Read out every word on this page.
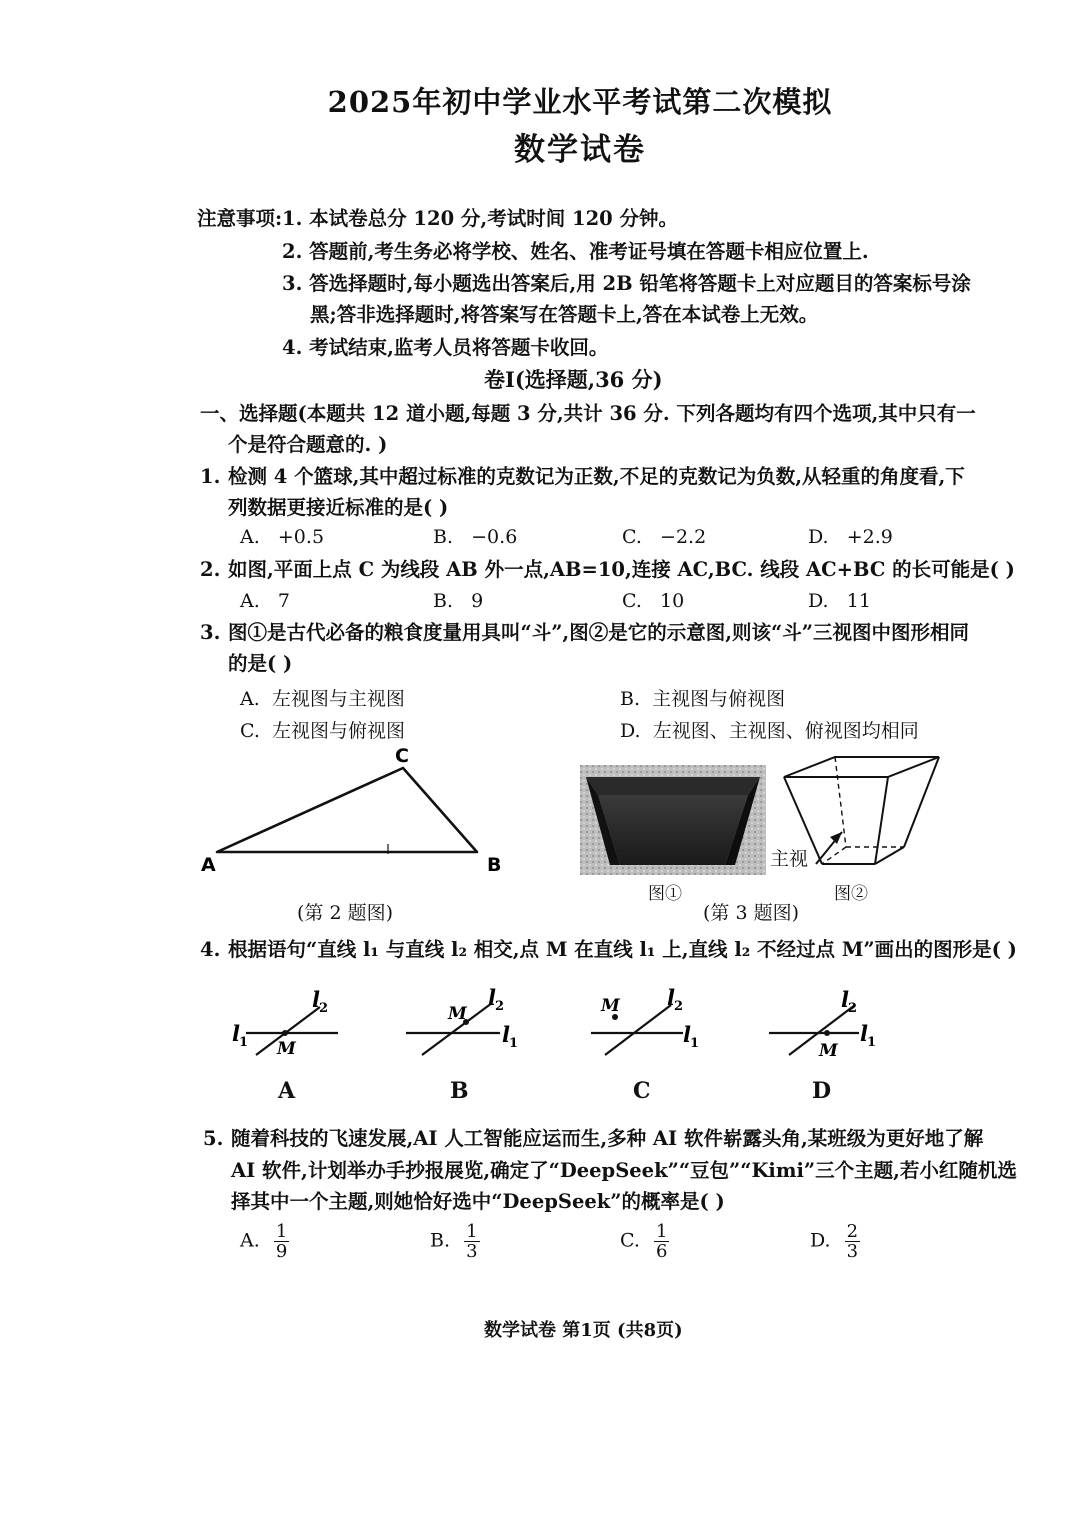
2025年初中学业水平考试第二次模拟
数学试卷
注意事项: 1. 本试卷总分 120 分,考试时间 120 分钟。
2. 答题前,考生务必将学校、姓名、准考证号填在答题卡相应位置上.
3. 答选择题时,每小题选出答案后,用 2B 铅笔将答题卡上对应题目的答案标号涂
黑;答非选择题时,将答案写在答题卡上,答在本试卷上无效。
4. 考试结束,监考人员将答题卡收回。
卷Ⅰ(选择题,36 分)
一、选择题(本题共 12 道小题,每题 3 分,共计 36 分. 下列各题均有四个选项,其中只有一
个是符合题意的. )
1. 检测 4 个篮球,其中超过标准的克数记为正数,不足的克数记为负数,从轻重的角度看,下
列数据更接近标准的是( )
A. +0.5	B. −0.6	C. −2.2	D. +2.9
2. 如图,平面上点 C 为线段 AB 外一点,AB=10,连接 AC,BC. 线段 AC+BC 的长可能是( )
A. 7	B. 9	C. 10	D. 11
3. 图①是古代必备的粮食度量用具叫“斗”,图②是它的示意图,则该“斗”三视图中图形相同
的是( )
A. 左视图与主视图	B. 主视图与俯视图
C. 左视图与俯视图	D. 左视图、主视图、俯视图均相同
A	B
C
(第 2 题图)
主视
图①	图②
(第 3 题图)
4. 根据语句“直线 l₁ 与直线 l₂ 相交,点 M 在直线 l₁ 上,直线 l₂ 不经过点 M”画出的图形是( )
l 1
l 2
M
A
M
l 2
l 1
B
M l 2
l 1
C
M
l 2
l 1
D
5. 随着科技的飞速发展,AI 人工智能应运而生,多种 AI 软件崭露头角,某班级为更好地了解
AI 软件,计划举办手抄报展览,确定了“DeepSeek”“豆包”“Kimi”三个主题,若小红随机选
择其中一个主题,则她恰好选中“DeepSeek”的概率是( )
A. $\frac{1}{9}$	B. $\frac{1}{3}$	C. $\frac{1}{6}$	D. $\frac{2}{3}$
数学试卷 第1页 (共8页)
